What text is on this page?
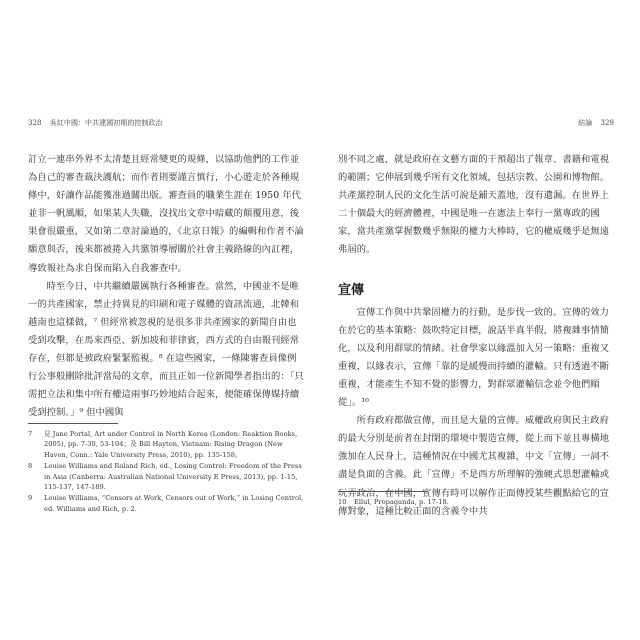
328 吳紅中國：中共建國初期的控制政治

訂立一連串外界不太清楚且經常變更的規條，以協助他們的工作並為自己的審查裁決護航；而作者則要謹言慎行，小心遊走於各種規條中，好讓作品能獲准過關出版。審查員的職業生涯在 1950 年代並非一帆風順，如果某人失職，沒找出文章中暗藏的顛覆用意，後果會很嚴重，又如第二章討論過的，《北京日報》的編輯和作者不論願意與否，後來都被捲入共黨領導層關於社會主義路線的內訌裡，導致報社為求自保而陷入自我審查中。

時至今日，中共繼續嚴厲執行各種審查。當然，中國並不是唯一的共產國家，禁止持異見的印刷和電子媒體的資訊流通，北韓和越南也這樣做，⁷ 但經常被忽視的是很多非共產國家的新聞自由也受到攻擊，在馬來西亞、新加坡和菲律賓，西方式的自由報刊經常存在，但都是被政府緊緊監視。⁸ 在這些國家，一條陳審查員像例行公事般刪除批評當局的文章，而且正如一位新聞學者指出的：「只需把立法和集中所有權這兩事巧妙地結合起來，便能確保傳媒持續受到控制。」⁹ 但中國與

7	見 Jane Portal, Art under Control in North Korea (London: Reaktion Books, 2005), pp. 7-30, 53-104；及 Bill Hayton, Vietnam: Rising Dragon (New Haven, Conn.: Yale University Press, 2010), pp. 135-158。
8	Louise Williams and Roland Rich, ed., Losing Control: Freedom of the Press in Asia (Canberra: Australian National University E Press, 2013), pp. 1-15, 115-137, 147-189.
9	Louise Williams, “Censors at Work, Censors out of Work,” in Losing Control, ed. Williams and Rich, p. 2.
結論 329

別不同之處，就是政府在文藝方面的干預超出了報章、書籍和電視的範圍；它伸展到幾乎所有文化領域，包括宗教、公園和博物館。共產黨控制人民的文化生活可說是鋪天蓋地，沒有遺漏。在世界上二十個最大的經濟體裡，中國是唯一在憲法上奉行一黨專政的國家，當共產黨掌握數幾乎無限的權力大棒時，它的權威幾乎是無遠弗屆的。

宣傳

宣傳工作與中共鞏固權力的行動，是步伐一致的。宣傳的效力在於它的基本策略：鼓吹特定目標，說話半真半假，將複雜事情簡化，以及利用群眾的情緒。社會學家以緣溫加入另一策略：重複又重複，以緣表示，宣傳「靠的是緩慢而持續的灌輸。只有透過不斷重複，才能產生不知不覺的影響力，對群眾灌輸信念並令他們順從」。¹⁰

所有政府都做宣傳，而且是大量的宣傳。威權政府與民主政府的最大分別是前者在封閉的環境中製造宣傳，從上而下並且專橫地強加在人民身上，這種情況在中國尤其複雜，中文「宣傳」一詞不盡是負面的含義。此「宣傳」不是西方所理解的強硬式思想灌輸或玩弄政治，在中國，宣傳有時可以解作正面傳授某些觀點給它的宣傳對象，這種比較正面的含義令中共

10	Ellul, Propaganda, p. 17-18.
